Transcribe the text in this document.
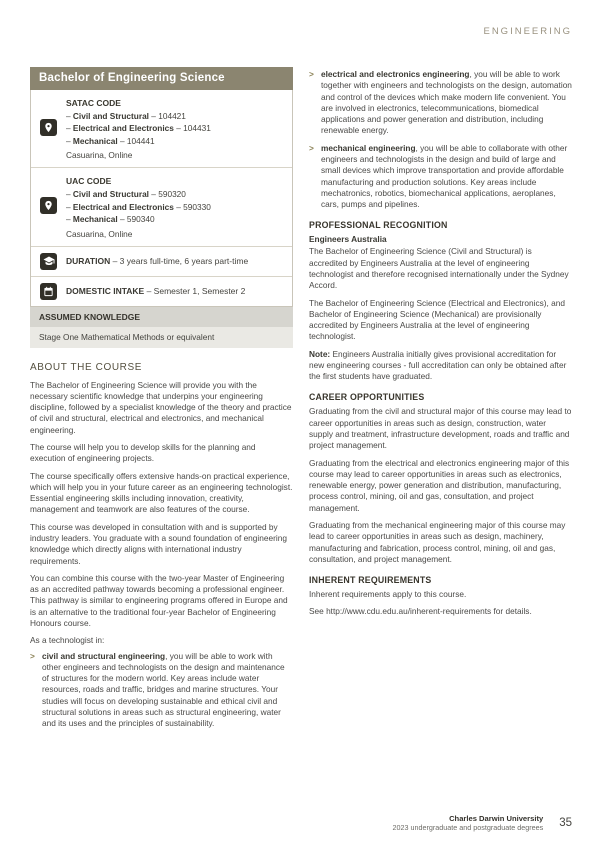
ENGINEERING
Bachelor of Engineering Science
SATAC CODE
– Civil and Structural – 104421
– Electrical and Electronics – 104431
– Mechanical – 104441
Casuarina, Online
UAC CODE
– Civil and Structural – 590320
– Electrical and Electronics – 590330
– Mechanical – 590340
Casuarina, Online
DURATION – 3 years full-time, 6 years part-time
DOMESTIC INTAKE – Semester 1, Semester 2
ASSUMED KNOWLEDGE
Stage One Mathematical Methods or equivalent
ABOUT THE COURSE

The Bachelor of Engineering Science will provide you with the necessary scientific knowledge that underpins your engineering discipline, followed by a specialist knowledge of the theory and practice of civil and structural, electrical and electronics, and mechanical engineering.

The course will help you to develop skills for the planning and execution of engineering projects.

The course specifically offers extensive hands-on practical experience, which will help you in your future career as an engineering technologist. Essential engineering skills including innovation, creativity, management and teamwork are also features of the course.

This course was developed in consultation with and is supported by industry leaders. You graduate with a sound foundation of engineering knowledge which directly aligns with international industry requirements.

You can combine this course with the two-year Master of Engineering as an accredited pathway towards becoming a professional engineer. This pathway is similar to engineering programs offered in Europe and is an alternative to the traditional four-year Bachelor of Engineering Honours course.

As a technologist in:

> civil and structural engineering, you will be able to work with other engineers and technologists on the design and maintenance of structures for the modern world. Key areas include water resources, roads and traffic, bridges and marine structures. Your studies will focus on developing sustainable and ethical civil and structural solutions in areas such as structural engineering, water and its uses and the principles of sustainability.
> electrical and electronics engineering, you will be able to work together with engineers and technologists on the design, automation and control of the devices which make modern life convenient. You are involved in electronics, telecommunications, biomedical applications and power generation and distribution, including renewable energy.
> mechanical engineering, you will be able to collaborate with other engineers and technologists in the design and build of large and small devices which improve transportation and provide affordable manufacturing and production solutions. Key areas include mechatronics, robotics, biomechanical applications, aeroplanes, cars, pumps and pipelines.
PROFESSIONAL RECOGNITION
Engineers Australia

The Bachelor of Engineering Science (Civil and Structural) is accredited by Engineers Australia at the level of engineering technologist and therefore recognised internationally under the Sydney Accord.

The Bachelor of Engineering Science (Electrical and Electronics), and Bachelor of Engineering Science (Mechanical) are provisionally accredited by Engineers Australia at the level of engineering technologist.

Note: Engineers Australia initially gives provisional accreditation for new engineering courses - full accreditation can only be obtained after the first students have graduated.

CAREER OPPORTUNITIES

Graduating from the civil and structural major of this course may lead to career opportunities in areas such as design, construction, water supply and treatment, infrastructure development, roads and traffic and project management.

Graduating from the electrical and electronics engineering major of this course may lead to career opportunities in areas such as electronics, renewable energy, power generation and distribution, manufacturing, process control, mining, oil and gas, consultation, and project management.

Graduating from the mechanical engineering major of this course may lead to career opportunities in areas such as design, machinery, manufacturing and fabrication, process control, mining, oil and gas, consultation, and project management.

INHERENT REQUIREMENTS

Inherent requirements apply to this course.

See http://www.cdu.edu.au/inherent-requirements for details.

Charles Darwin University
2023 undergraduate and postgraduate degrees 35
